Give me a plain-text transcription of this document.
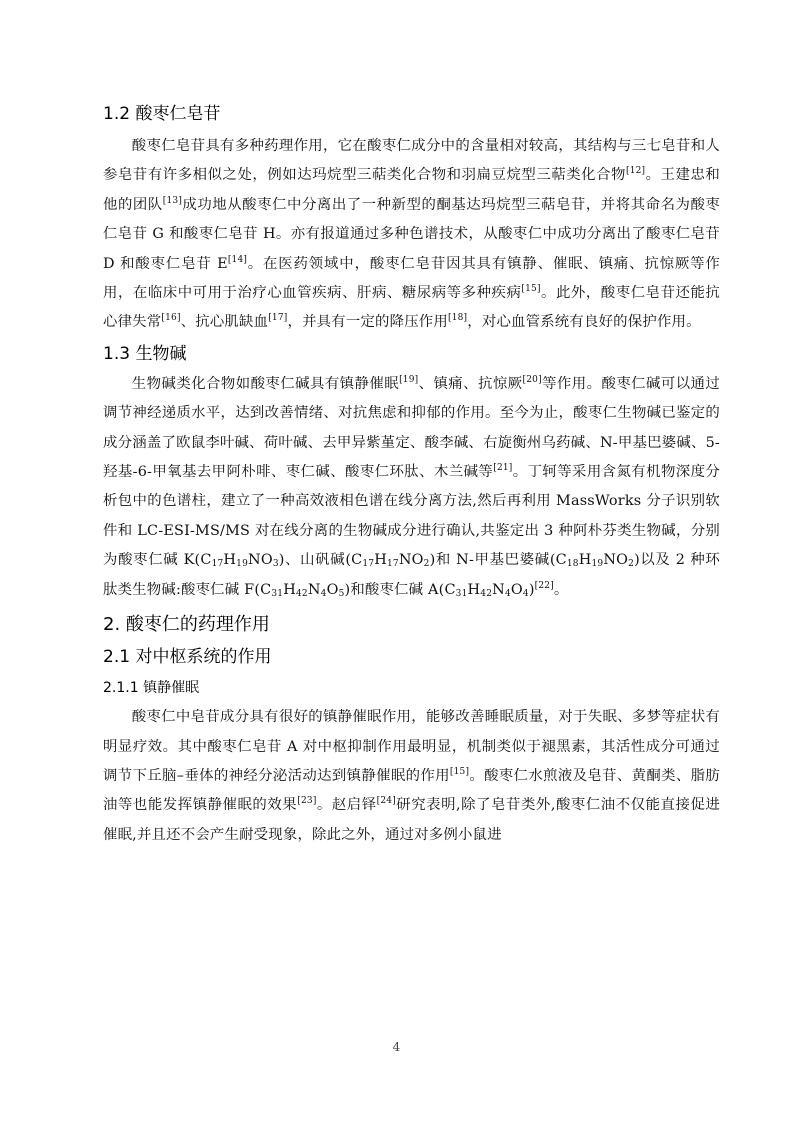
1.2 酸枣仁皂苷

酸枣仁皂苷具有多种药理作用，它在酸枣仁成分中的含量相对较高，其结构与三七皂苷和人参皂苷有许多相似之处，例如达玛烷型三萜类化合物和羽扁豆烷型三萜类化合物[12]。王建忠和他的团队[13]成功地从酸枣仁中分离出了一种新型的酮基达玛烷型三萜皂苷，并将其命名为酸枣仁皂苷 G 和酸枣仁皂苷 H。亦有报道通过多种色谱技术，从酸枣仁中成功分离出了酸枣仁皂苷 D 和酸枣仁皂苷 E[14]。在医药领域中，酸枣仁皂苷因其具有镇静、催眠、镇痛、抗惊厥等作用，在临床中可用于治疗心血管疾病、肝病、糖尿病等多种疾病[15]。此外，酸枣仁皂苷还能抗心律失常[16]、抗心肌缺血[17]，并具有一定的降压作用[18]，对心血管系统有良好的保护作用。

1.3 生物碱

生物碱类化合物如酸枣仁碱具有镇静催眠[19]、镇痛、抗惊厥[20]等作用。酸枣仁碱可以通过调节神经递质水平，达到改善情绪、对抗焦虑和抑郁的作用。至今为止，酸枣仁生物碱已鉴定的成分涵盖了欧鼠李叶碱、荷叶碱、去甲异紫堇定、酸李碱、右旋衡州乌药碱、N-甲基巴婆碱、5-羟基-6-甲氧基去甲阿朴啡、枣仁碱、酸枣仁环肽、木兰碱等[21]。丁轲等采用含氮有机物深度分析包中的色谱柱，建立了一种高效液相色谱在线分离方法,然后再利用 MassWorks 分子识别软件和 LC-ESI-MS/MS 对在线分离的生物碱成分进行确认,共鉴定出 3 种阿朴芬类生物碱，分别为酸枣仁碱 $K(C_{17}H_{19}NO_3)$、山矾碱$(C_{17}H_{17}NO_2)$和 N-甲基巴婆碱$(C_{18}H_{19}NO_2)$以及 2 种环肽类生物碱:酸枣仁碱 $F(C_{31}H_{42}N_4O_5)$和酸枣仁碱 $A(C_{31}H_{42}N_4O_4)[22]$。

2. 酸枣仁的药理作用
2.1 对中枢系统的作用
2.1.1 镇静催眠

酸枣仁中皂苷成分具有很好的镇静催眠作用，能够改善睡眠质量，对于失眠、多梦等症状有明显疗效。其中酸枣仁皂苷 A 对中枢抑制作用最明显，机制类似于褪黑素，其活性成分可通过调节下丘脑–垂体的神经分泌活动达到镇静催眠的作用[15]。酸枣仁水煎液及皂苷、黄酮类、脂肪油等也能发挥镇静催眠的效果[23]。赵启铎[24]研究表明,除了皂苷类外,酸枣仁油不仅能直接促进催眠,并且还不会产生耐受现象，除此之外，通过对多例小鼠进

4
